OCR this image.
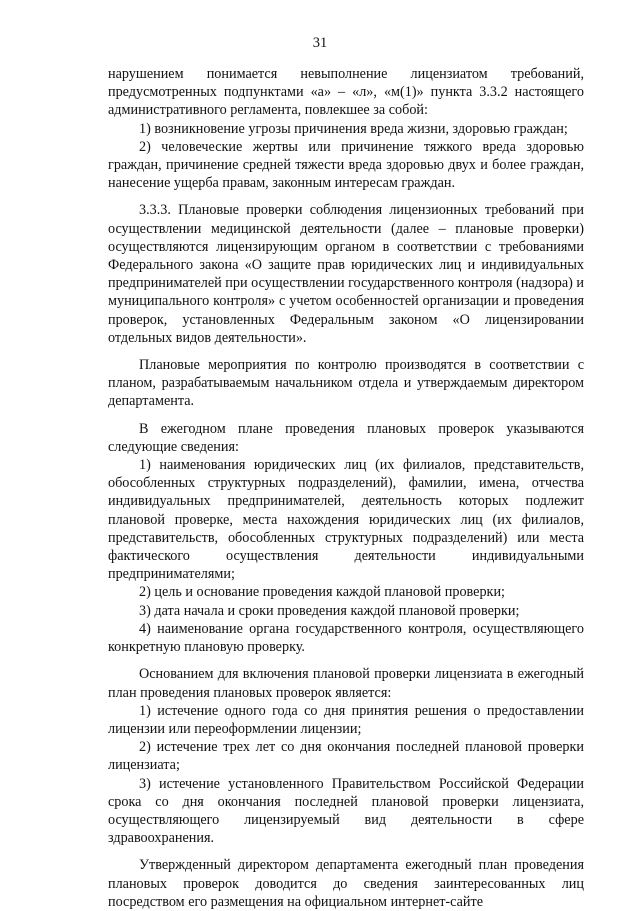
31

нарушением понимается невыполнение лицензиатом требований, предусмотренных подпунктами «а» – «л», «м(1)» пункта 3.3.2 настоящего административного регламента, повлекшее за собой:

1) возникновение угрозы причинения вреда жизни, здоровью граждан;

2) человеческие жертвы или причинение тяжкого вреда здоровью граждан, причинение средней тяжести вреда здоровью двух и более граждан, нанесение ущерба правам, законным интересам граждан.

3.3.3. Плановые проверки соблюдения лицензионных требований при осуществлении медицинской деятельности (далее – плановые проверки) осуществляются лицензирующим органом в соответствии с требованиями Федерального закона «О защите прав юридических лиц и индивидуальных предпринимателей при осуществлении государственного контроля (надзора) и муниципального контроля» с учетом особенностей организации и проведения проверок, установленных Федеральным законом «О лицензировании отдельных видов деятельности».

Плановые мероприятия по контролю производятся в соответствии с планом, разрабатываемым начальником отдела и утверждаемым директором департамента.

В ежегодном плане проведения плановых проверок указываются следующие сведения:

1) наименования юридических лиц (их филиалов, представительств, обособленных структурных подразделений), фамилии, имена, отчества индивидуальных предпринимателей, деятельность которых подлежит плановой проверке, места нахождения юридических лиц (их филиалов, представительств, обособленных структурных подразделений) или места фактического осуществления деятельности индивидуальными предпринимателями;

2) цель и основание проведения каждой плановой проверки;

3) дата начала и сроки проведения каждой плановой проверки;

4) наименование органа государственного контроля, осуществляющего конкретную плановую проверку.

Основанием для включения плановой проверки лицензиата в ежегодный план проведения плановых проверок является:

1) истечение одного года со дня принятия решения о предоставлении лицензии или переоформлении лицензии;

2) истечение трех лет со дня окончания последней плановой проверки лицензиата;

3) истечение установленного Правительством Российской Федерации срока со дня окончания последней плановой проверки лицензиата, осуществляющего лицензируемый вид деятельности в сфере здравоохранения.

Утвержденный директором департамента ежегодный план проведения плановых проверок доводится до сведения заинтересованных лиц посредством его размещения на официальном интернет-сайте
